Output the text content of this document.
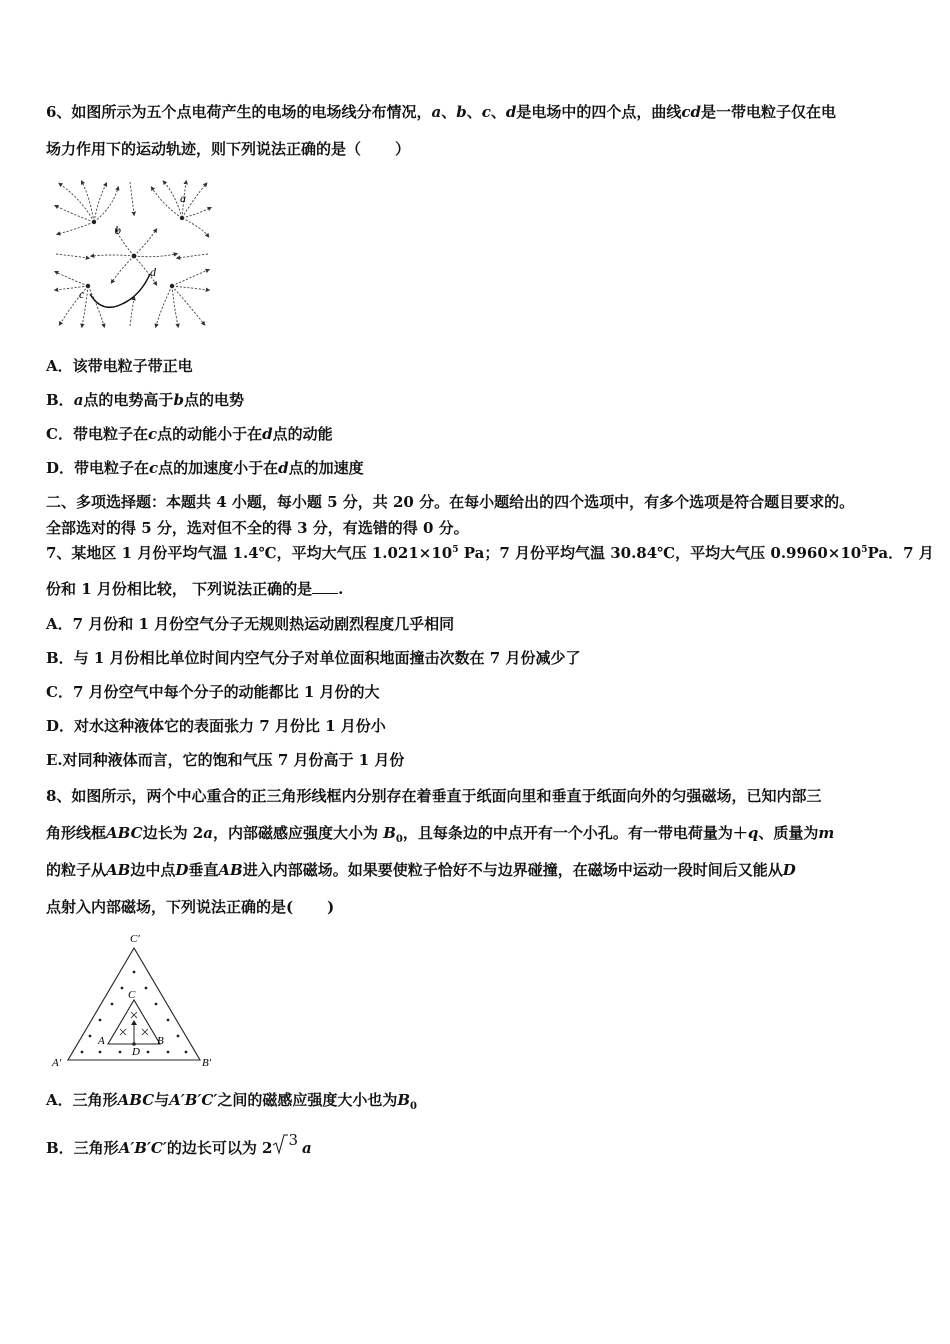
6、如图所示为五个点电荷产生的电场的电场线分布情况，a、b、c、d是电场中的四个点，曲线cd是一带电粒子仅在电
场力作用下的运动轨迹，则下列说法正确的是（ ）
a
b
c
d
A．该带电粒子带正电
B．a点的电势高于b点的电势
C．带电粒子在c点的动能小于在d点的动能
D．带电粒子在c点的加速度小于在d点的加速度
二、多项选择题：本题共 4 小题，每小题 5 分，共 20 分。在每小题给出的四个选项中，有多个选项是符合题目要求的。
全部选对的得 5 分，选对但不全的得 3 分，有选错的得 0 分。
7、某地区 1 月份平均气温 1.4℃，平均大气压 $1.021\times 10^5$ Pa；7 月份平均气温 30.84℃，平均大气压 $0.9960\times 10^5Pa$．7 月
份和 1 月份相比较， 下列说法正确的是 .
A．7 月份和 1 月份空气分子无规则热运动剧烈程度几乎相同
B．与 1 月份相比单位时间内空气分子对单位面积地面撞击次数在 7 月份减少了
C．7 月份空气中每个分子的动能都比 1 月份的大
D．对水这种液体它的表面张力 7 月份比 1 月份小
E.对同种液体而言，它的饱和气压 7 月份高于 1 月份
8、如图所示，两个中心重合的正三角形线框内分别存在着垂直于纸面向里和垂直于纸面向外的匀强磁场，已知内部三
角形线框ABC边长为 2a，内部磁感应强度大小为 $B_0$，且每条边的中点开有一个小孔。有一带电荷量为＋q、质量为m
的粒子从AB边中点D垂直AB进入内部磁场。如果要使粒子恰好不与边界碰撞，在磁场中运动一段时间后又能从D
点射入内部磁场，下列说法正确的是( )
C′
C
A	B
D
A′	B′
A．三角形ABC与A′B′C′之间的磁感应强度大小也为$B_0$
B．三角形A′B′C′的边长可以为 2 3 a
